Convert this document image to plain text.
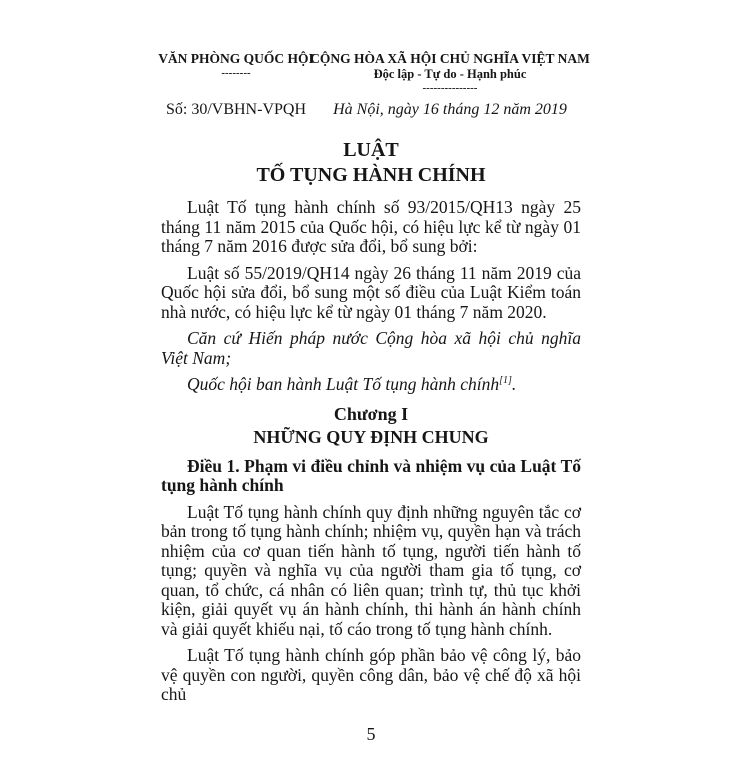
VĂN PHÒNG QUỐC HỘI
--------
Số: 30/VBHN-VPQH
CỘNG HÒA XÃ HỘI CHỦ NGHĨA VIỆT NAM
Độc lập - Tự do - Hạnh phúc
---------------
Hà Nội, ngày 16 tháng 12 năm 2019
LUẬT
TỐ TỤNG HÀNH CHÍNH

Luật Tố tụng hành chính số 93/2015/QH13 ngày 25 tháng 11 năm 2015 của Quốc hội, có hiệu lực kể từ ngày 01 tháng 7 năm 2016 được sửa đổi, bổ sung bởi:

Luật số 55/2019/QH14 ngày 26 tháng 11 năm 2019 của Quốc hội sửa đổi, bổ sung một số điều của Luật Kiểm toán nhà nước, có hiệu lực kể từ ngày 01 tháng 7 năm 2020.

Căn cứ Hiến pháp nước Cộng hòa xã hội chủ nghĩa Việt Nam;

Quốc hội ban hành Luật Tố tụng hành chính[1].

Chương I
NHỮNG QUY ĐỊNH CHUNG

Điều 1. Phạm vi điều chỉnh và nhiệm vụ của Luật Tố tụng hành chính

Luật Tố tụng hành chính quy định những nguyên tắc cơ bản trong tố tụng hành chính; nhiệm vụ, quyền hạn và trách nhiệm của cơ quan tiến hành tố tụng, người tiến hành tố tụng; quyền và nghĩa vụ của người tham gia tố tụng, cơ quan, tổ chức, cá nhân có liên quan; trình tự, thủ tục khởi kiện, giải quyết vụ án hành chính, thi hành án hành chính và giải quyết khiếu nại, tố cáo trong tố tụng hành chính.

Luật Tố tụng hành chính góp phần bảo vệ công lý, bảo vệ quyền con người, quyền công dân, bảo vệ chế độ xã hội chủ

5
